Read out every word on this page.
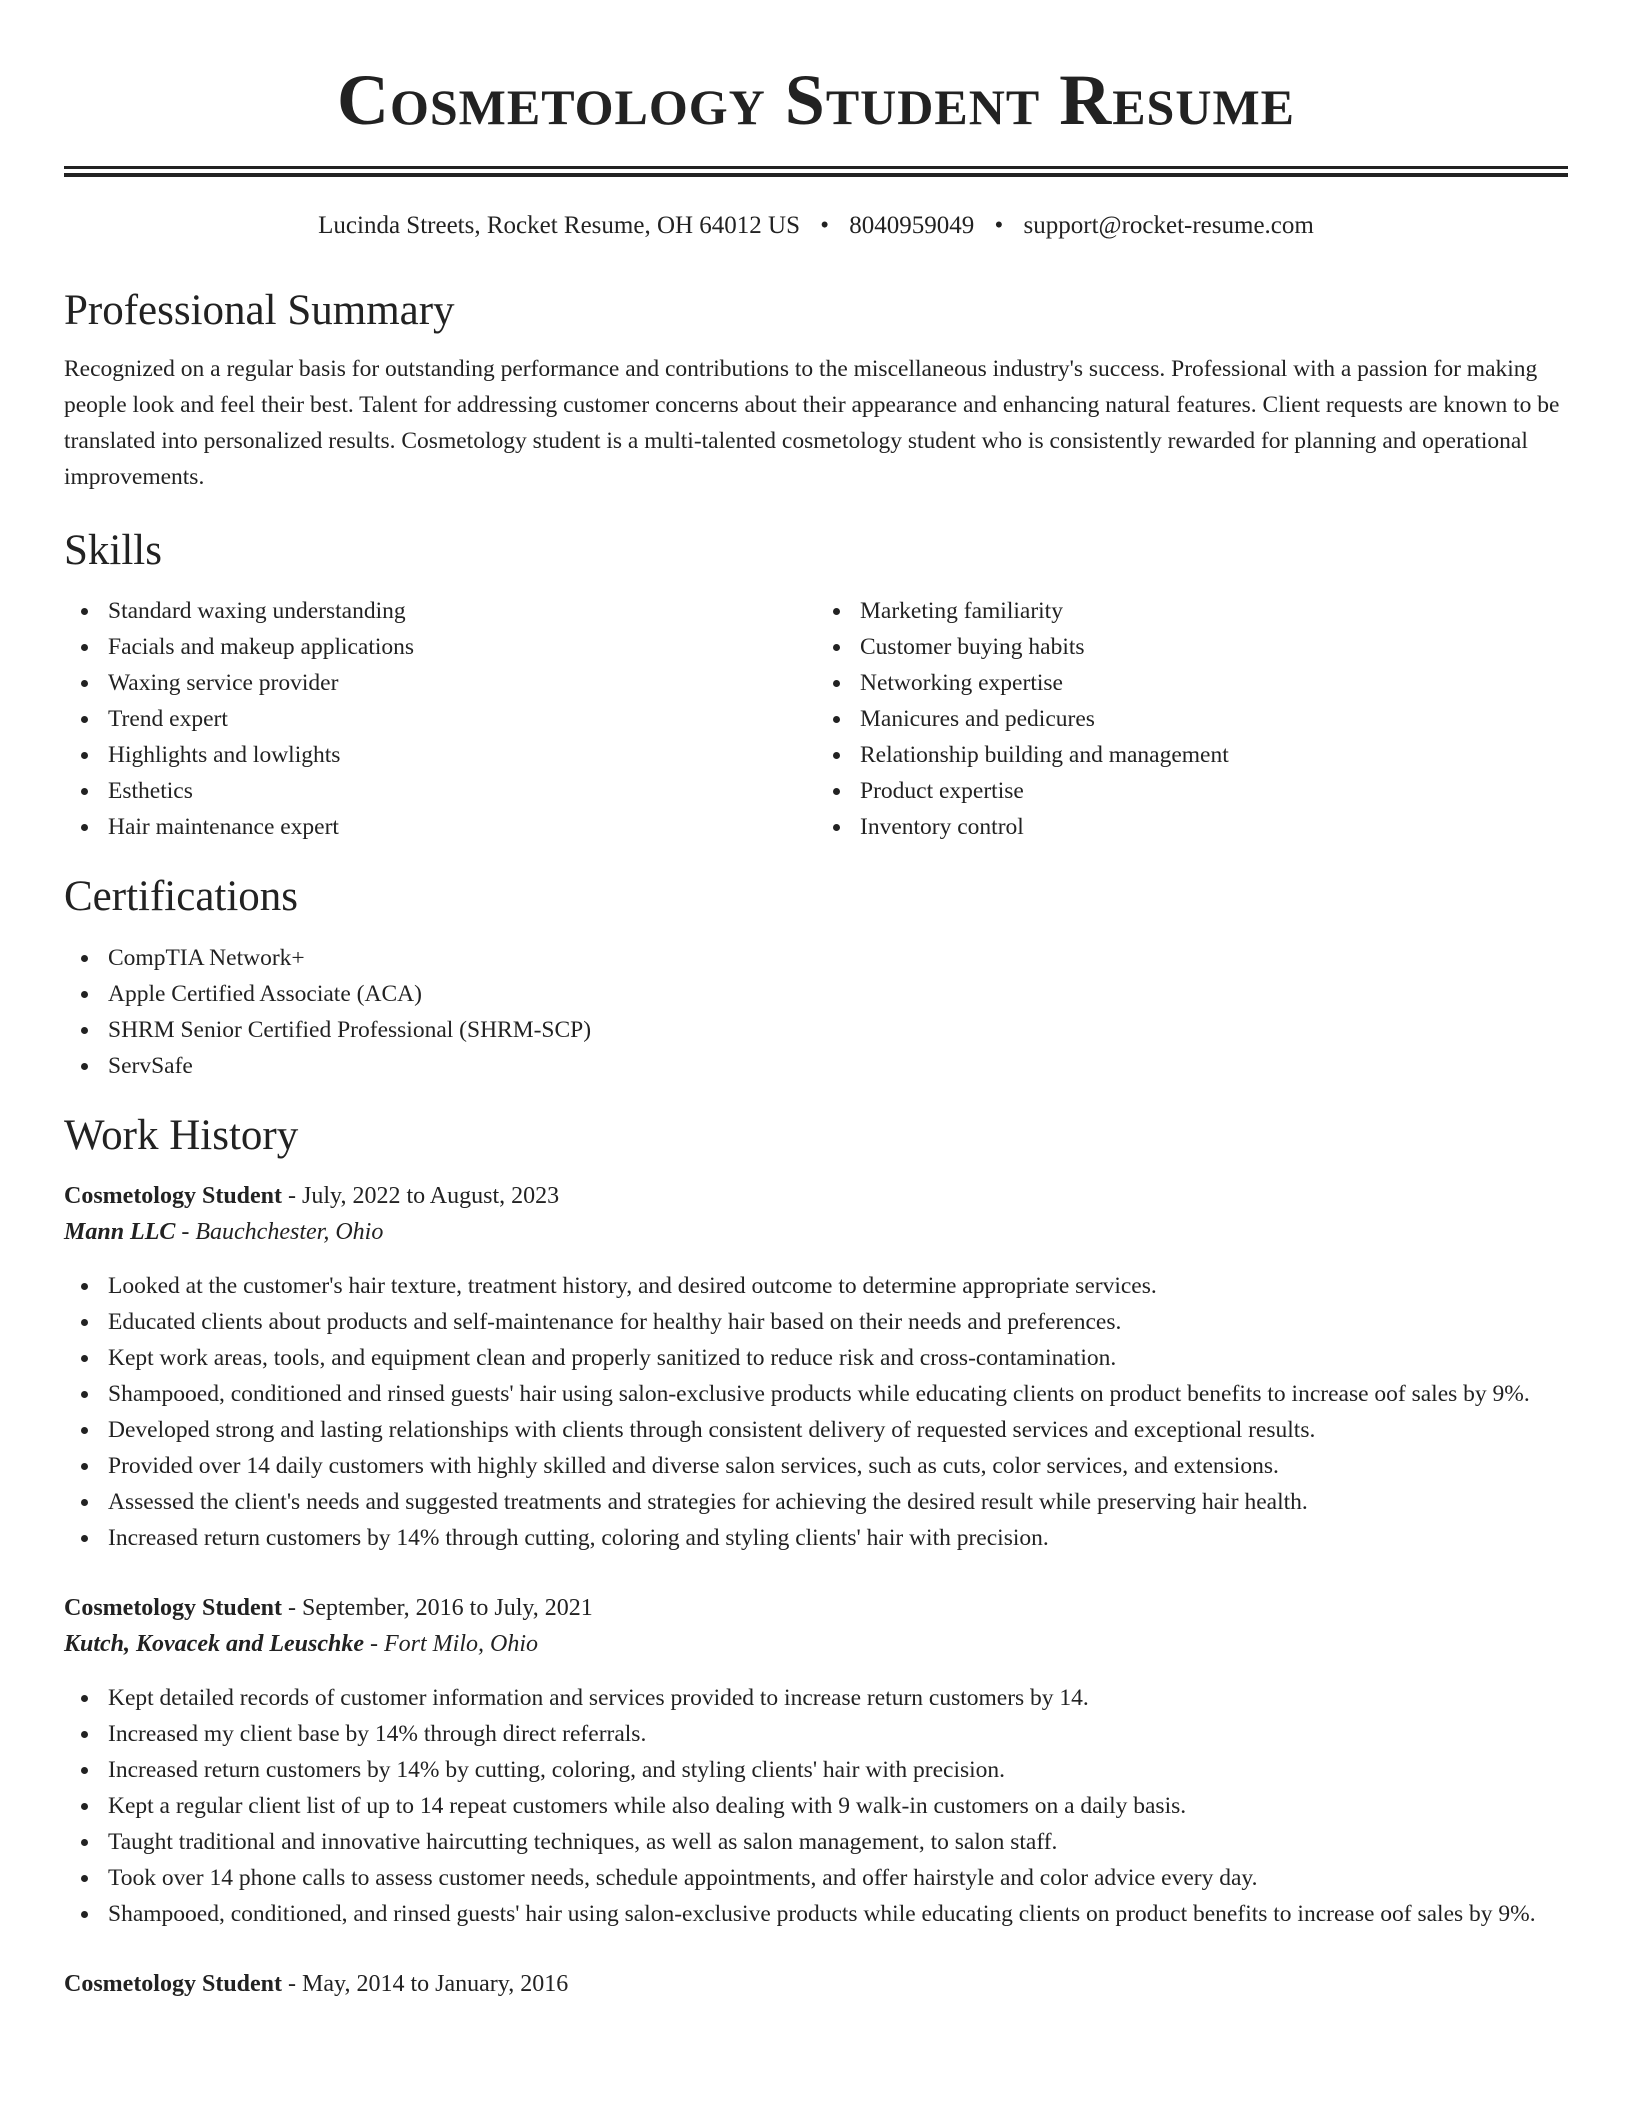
Cosmetology Student Resume
Lucinda Streets, Rocket Resume, OH 64012 US • 8040959049 • support@rocket-resume.com
Professional Summary

Recognized on a regular basis for outstanding performance and contributions to the miscellaneous industry's success. Professional with a passion for making people look and feel their best. Talent for addressing customer concerns about their appearance and enhancing natural features. Client requests are known to be translated into personalized results. Cosmetology student is a multi-talented cosmetology student who is consistently rewarded for planning and operational improvements.

Skills
Standard waxing understanding
Facials and makeup applications
Waxing service provider
Trend expert
Highlights and lowlights
Esthetics
Hair maintenance expert
Marketing familiarity
Customer buying habits
Networking expertise
Manicures and pedicures
Relationship building and management
Product expertise
Inventory control
Certifications
CompTIA Network+
Apple Certified Associate (ACA)
SHRM Senior Certified Professional (SHRM-SCP)
ServSafe
Work History

Cosmetology Student - July, 2022 to August, 2023

Mann LLC - Bauchchester, Ohio

Looked at the customer's hair texture, treatment history, and desired outcome to determine appropriate services.
Educated clients about products and self-maintenance for healthy hair based on their needs and preferences.
Kept work areas, tools, and equipment clean and properly sanitized to reduce risk and cross-contamination.
Shampooed, conditioned and rinsed guests' hair using salon-exclusive products while educating clients on product benefits to increase oof sales by 9%.
Developed strong and lasting relationships with clients through consistent delivery of requested services and exceptional results.
Provided over 14 daily customers with highly skilled and diverse salon services, such as cuts, color services, and extensions.
Assessed the client's needs and suggested treatments and strategies for achieving the desired result while preserving hair health.
Increased return customers by 14% through cutting, coloring and styling clients' hair with precision.

Cosmetology Student - September, 2016 to July, 2021

Kutch, Kovacek and Leuschke - Fort Milo, Ohio

Kept detailed records of customer information and services provided to increase return customers by 14.
Increased my client base by 14% through direct referrals.
Increased return customers by 14% by cutting, coloring, and styling clients' hair with precision.
Kept a regular client list of up to 14 repeat customers while also dealing with 9 walk-in customers on a daily basis.
Taught traditional and innovative haircutting techniques, as well as salon management, to salon staff.
Took over 14 phone calls to assess customer needs, schedule appointments, and offer hairstyle and color advice every day.
Shampooed, conditioned, and rinsed guests' hair using salon-exclusive products while educating clients on product benefits to increase oof sales by 9%.

Cosmetology Student - May, 2014 to January, 2016
